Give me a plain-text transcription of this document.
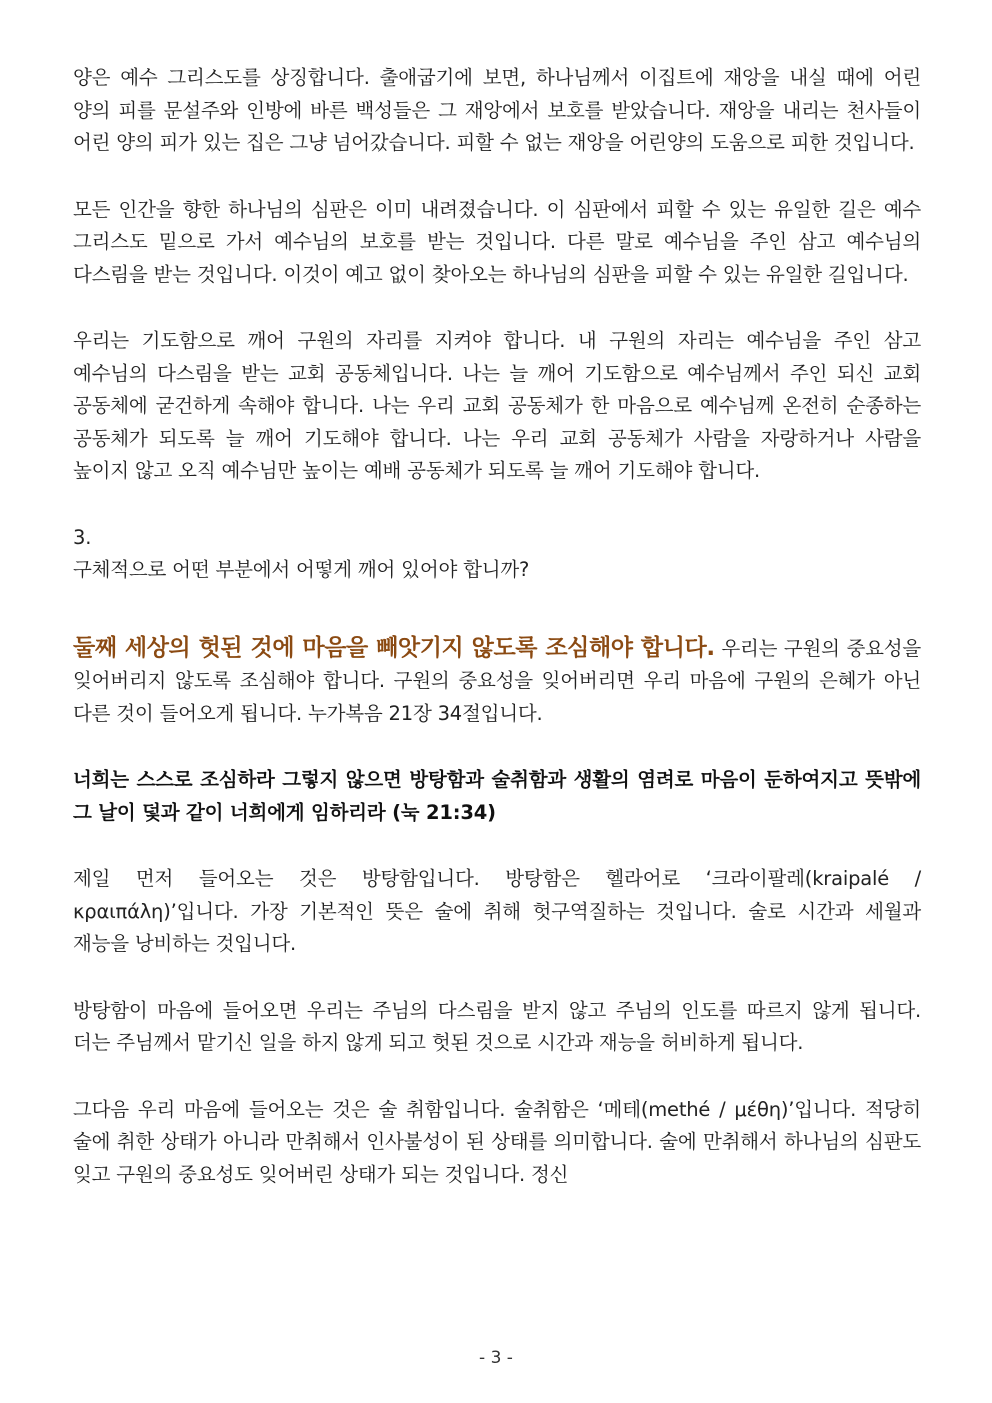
양은 예수 그리스도를 상징합니다. 출애굽기에 보면, 하나님께서 이집트에 재앙을 내실 때에 어린 양의 피를 문설주와 인방에 바른 백성들은 그 재앙에서 보호를 받았습니다. 재앙을 내리는 천사들이 어린 양의 피가 있는 집은 그냥 넘어갔습니다. 피할 수 없는 재앙을 어린양의 도움으로 피한 것입니다.

모든 인간을 향한 하나님의 심판은 이미 내려졌습니다. 이 심판에서 피할 수 있는 유일한 길은 예수 그리스도 밑으로 가서 예수님의 보호를 받는 것입니다. 다른 말로 예수님을 주인 삼고 예수님의 다스림을 받는 것입니다. 이것이 예고 없이 찾아오는 하나님의 심판을 피할 수 있는 유일한 길입니다.

우리는 기도함으로 깨어 구원의 자리를 지켜야 합니다. 내 구원의 자리는 예수님을 주인 삼고 예수님의 다스림을 받는 교회 공동체입니다. 나는 늘 깨어 기도함으로 예수님께서 주인 되신 교회 공동체에 굳건하게 속해야 합니다. 나는 우리 교회 공동체가 한 마음으로 예수님께 온전히 순종하는 공동체가 되도록 늘 깨어 기도해야 합니다. 나는 우리 교회 공동체가 사람을 자랑하거나 사람을 높이지 않고 오직 예수님만 높이는 예배 공동체가 되도록 늘 깨어 기도해야 합니다.

3.

구체적으로 어떤 부분에서 어떻게 깨어 있어야 합니까?

둘째 세상의 헛된 것에 마음을 빼앗기지 않도록 조심해야 합니다. 우리는 구원의 중요성을 잊어버리지 않도록 조심해야 합니다. 구원의 중요성을 잊어버리면 우리 마음에 구원의 은혜가 아닌 다른 것이 들어오게 됩니다. 누가복음 21장 34절입니다.

너희는 스스로 조심하라 그렇지 않으면 방탕함과 술취함과 생활의 염려로 마음이 둔하여지고 뜻밖에 그 날이 덫과 같이 너희에게 임하리라 (눅 21:34)

제일 먼저 들어오는 것은 방탕함입니다. 방탕함은 헬라어로 ‘크라이팔레(kraipalé / κραιπάλη)’입니다. 가장 기본적인 뜻은 술에 취해 헛구역질하는 것입니다. 술로 시간과 세월과 재능을 낭비하는 것입니다.

방탕함이 마음에 들어오면 우리는 주님의 다스림을 받지 않고 주님의 인도를 따르지 않게 됩니다. 더는 주님께서 맡기신 일을 하지 않게 되고 헛된 것으로 시간과 재능을 허비하게 됩니다.

그다음 우리 마음에 들어오는 것은 술 취함입니다. 술취함은 ‘메테(methé / μέθη)’입니다. 적당히 술에 취한 상태가 아니라 만취해서 인사불성이 된 상태를 의미합니다. 술에 만취해서 하나님의 심판도 잊고 구원의 중요성도 잊어버린 상태가 되는 것입니다. 정신

- 3 -
